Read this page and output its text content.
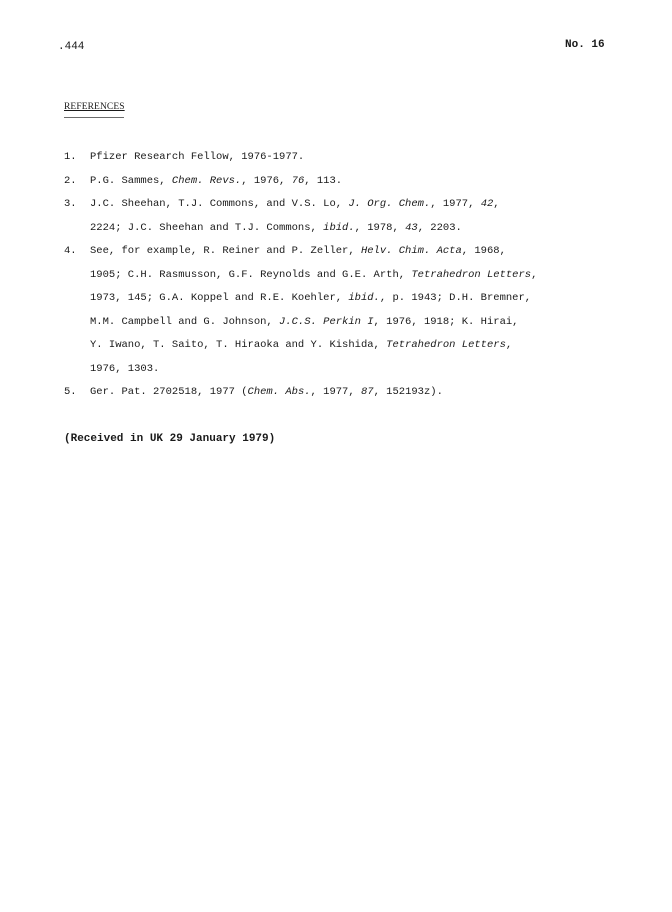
.444	No. 16
REFERENCES
1. Pfizer Research Fellow, 1976-1977.
2. P.G. Sammes, Chem. Revs., 1976, 76, 113.
3. J.C. Sheehan, T.J. Commons, and V.S. Lo, J. Org. Chem., 1977, 42,
2224; J.C. Sheehan and T.J. Commons, ibid., 1978, 43, 2203.
4. See, for example, R. Reiner and P. Zeller, Helv. Chim. Acta, 1968,
1905; C.H. Rasmusson, G.F. Reynolds and G.E. Arth, Tetrahedron Letters,
1973, 145; G.A. Koppel and R.E. Koehler, ibid., p. 1943; D.H. Bremner,
M.M. Campbell and G. Johnson, J.C.S. Perkin I, 1976, 1918; K. Hirai,
Y. Iwano, T. Saito, T. Hiraoka and Y. Kishida, Tetrahedron Letters,
1976, 1303.
5. Ger. Pat. 2702518, 1977 (Chem. Abs., 1977, 87, 152193z).
(Received in UK 29 January 1979)
